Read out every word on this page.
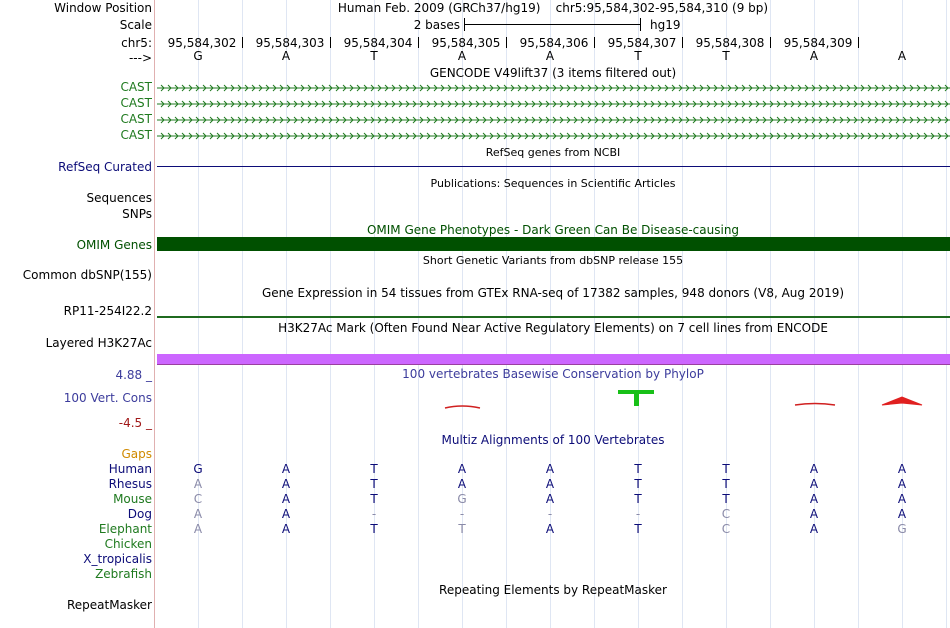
Window Position	Human Feb. 2009 (GRCh37/hg19)    chr5:95,584,302-95,584,310 (9 bp)
Scale	2 bases	hg19
chr5:	95,584,302	95,584,303	95,584,304	95,584,305	95,584,306	95,584,307	95,584,308	95,584,309
--->	G	A	T	A	A	T	T	A	A
GENCODE V49lift37 (3 items filtered out)
CAST
CAST
CAST
CAST
RefSeq genes from NCBI
RefSeq Curated
Publications: Sequences in Scientific Articles
Sequences
SNPs
OMIM Gene Phenotypes - Dark Green Can Be Disease-causing
OMIM Genes
Short Genetic Variants from dbSNP release 155
Common dbSNP(155)
Gene Expression in 54 tissues from GTEx RNA-seq of 17382 samples, 948 donors (V8, Aug 2019)
RP11-254I22.2
H3K27Ac Mark (Often Found Near Active Regulatory Elements) on 7 cell lines from ENCODE
Layered H3K27Ac
100 vertebrates Basewise Conservation by PhyloP
4.88 _
100 Vert. Cons
-4.5 _
Multiz Alignments of 100 Vertebrates
Gaps
Human	G	A	T	A	A	T	T	A	A
Rhesus	A	A	T	A	A	T	T	A	A
Mouse	C	A	T	G	A	T	T	A	A
Dog	A	A	-	-	-	-	C	A	A
Elephant	A	A	T	T	A	T	C	A	G
Chicken
X_tropicalis
Zebrafish
Repeating Elements by RepeatMasker
RepeatMasker
